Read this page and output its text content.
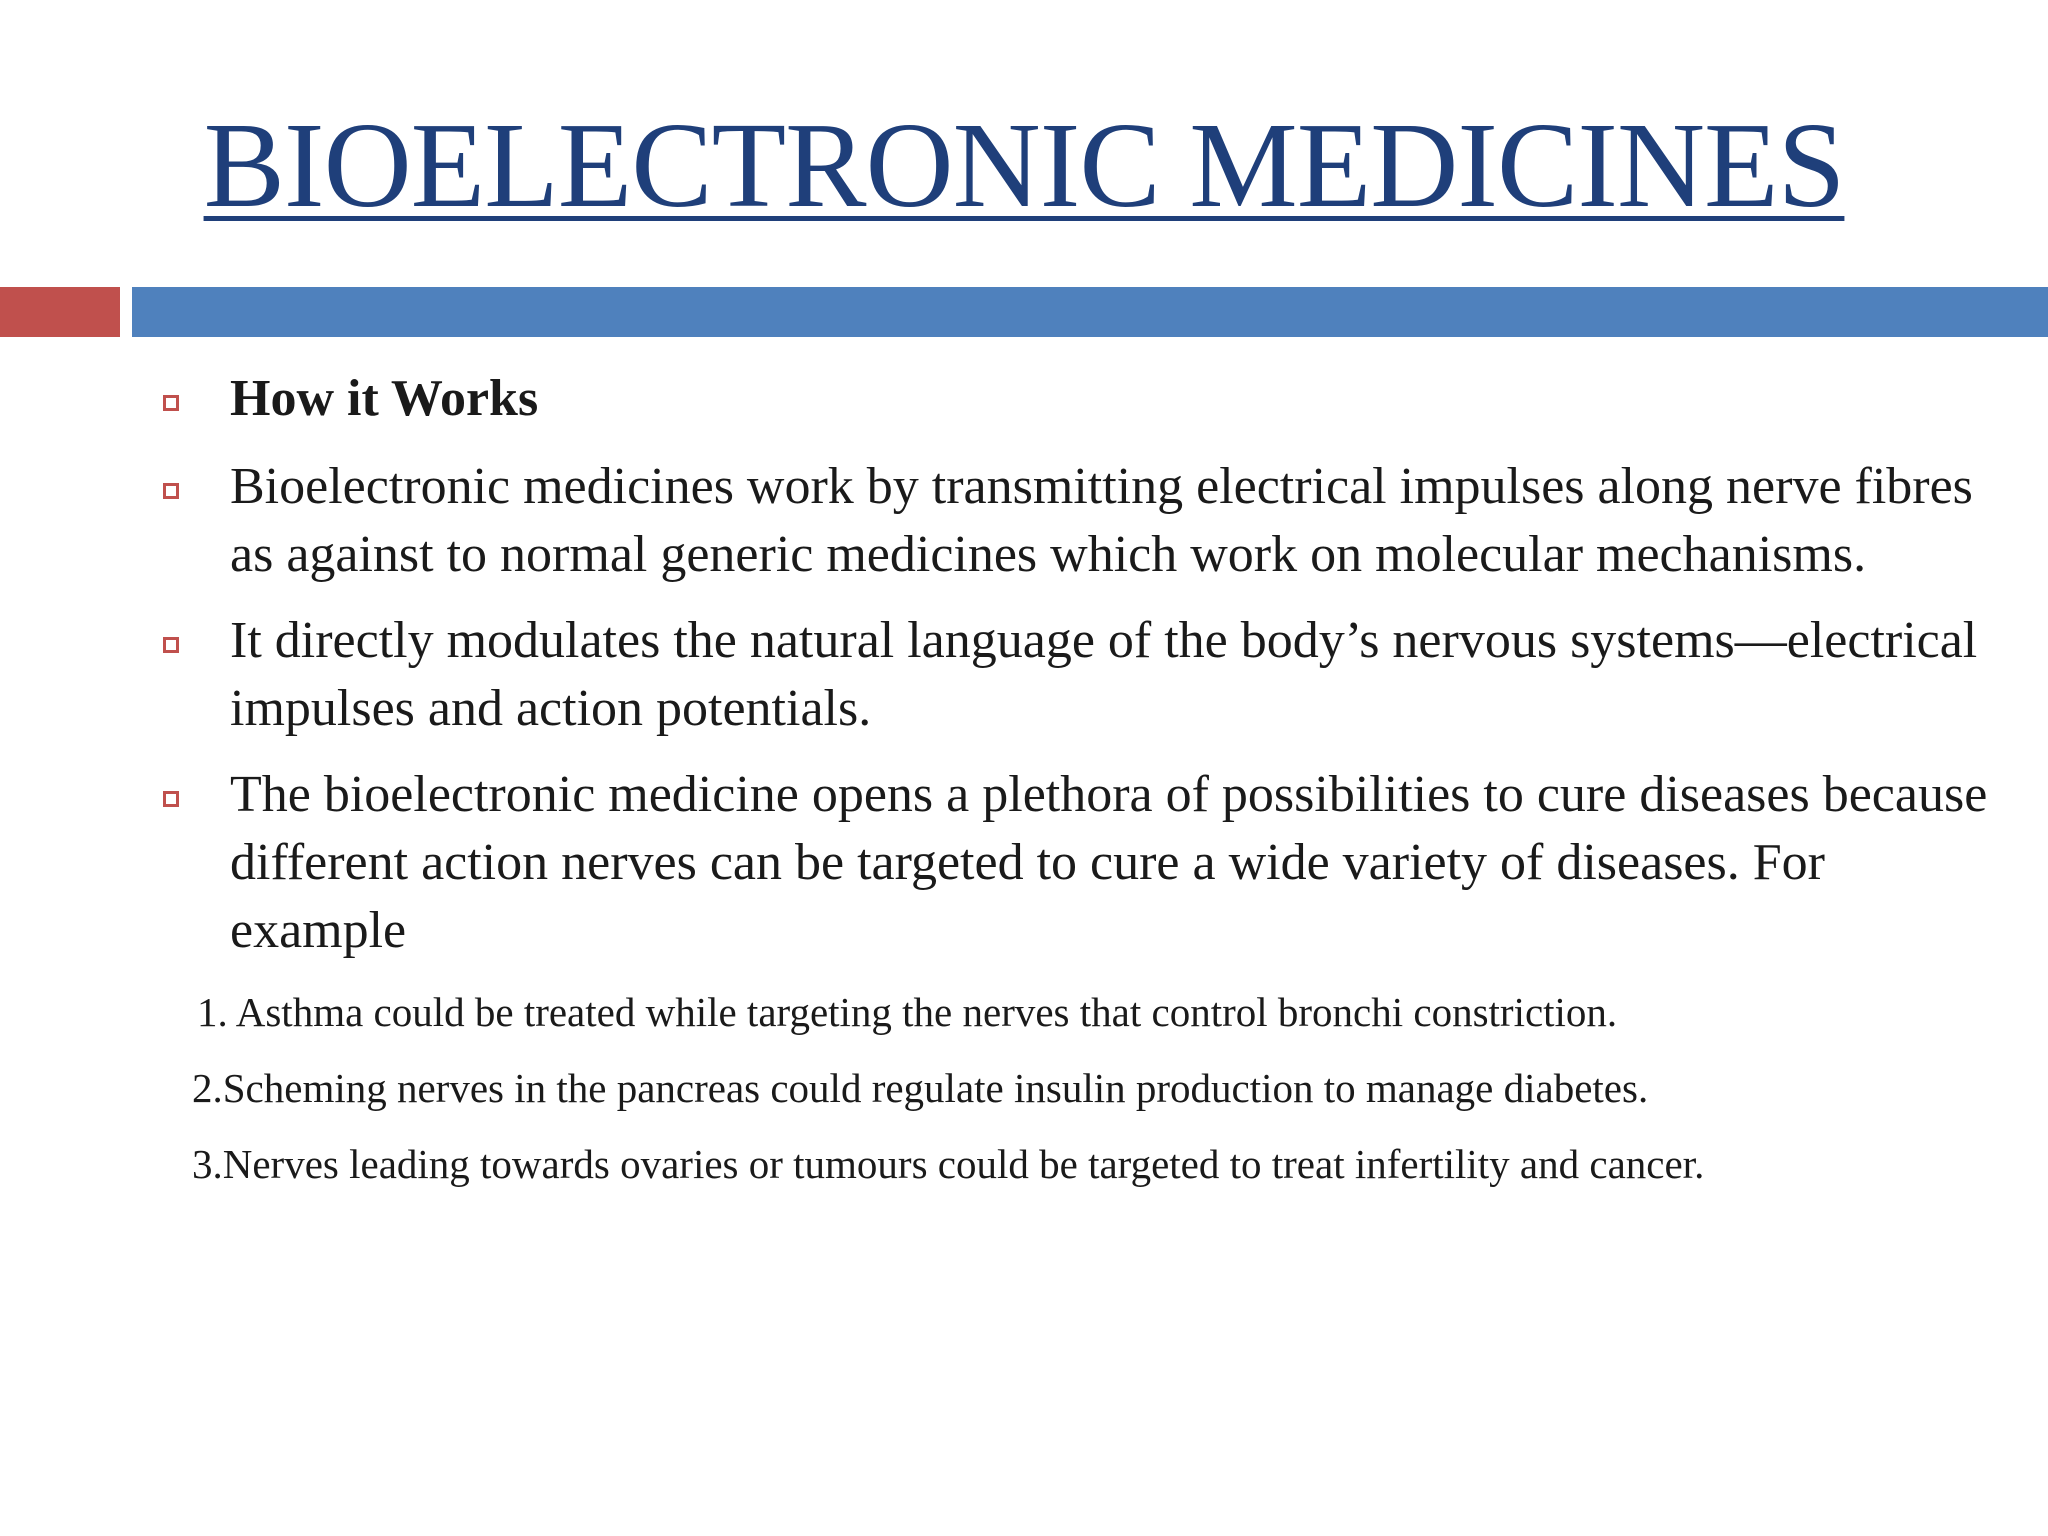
BIOELECTRONIC MEDICINES
How it Works
Bioelectronic medicines work by transmitting electrical impulses along nerve fibres as against to normal generic medicines which work on molecular mechanisms.
It directly modulates the natural language of the body’s nervous systems—electrical impulses and action potentials.
The bioelectronic medicine opens a plethora of possibilities to cure diseases because different action nerves can be targeted to cure a wide variety of diseases. For example
1. Asthma could be treated while targeting the nerves that control bronchi constriction.
2.Scheming nerves in the pancreas could regulate insulin production to manage diabetes.
3.Nerves leading towards ovaries or tumours could be targeted to treat infertility and cancer.
